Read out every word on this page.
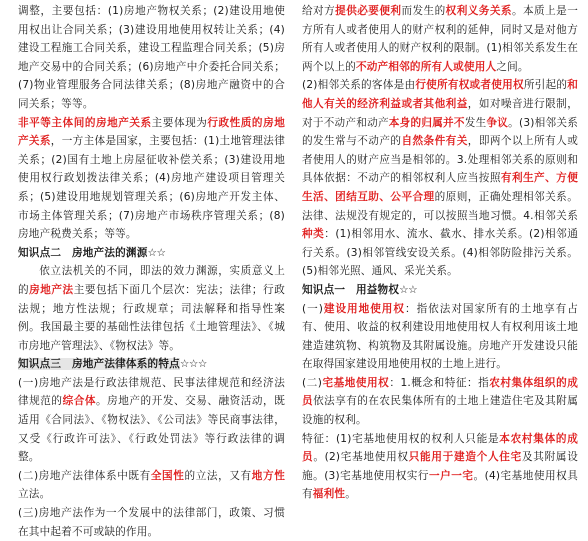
调整，主要包括：(1)房地产物权关系；(2)建设用地使用权出让合同关系；(3)建设用地使用权转让关系；(4)建设工程施工合同关系，建设工程监理合同关系；(5)房地产交易中的合同关系；(6)房地产中介委托合同关系；(7)物业管理服务合同法律关系；(8)房地产融资中的合同关系；等等。

非平等主体间的房地产关系主要体现为行政性质的房地产关系，一方主体是国家，主要包括：(1)土地管理法律关系；(2)国有土地上房屋征收补偿关系；(3)建设用地使用权行政划拨法律关系；(4)房地产建设项目管理关系；(5)建设用地规划管理关系；(6)房地产开发主体、市场主体管理关系；(7)房地产市场秩序管理关系；(8)房地产税费关系；等等。

知识点二　房地产法的渊源☆☆

依立法机关的不同，即法的效力渊源，实质意义上的房地产法主要包括下面几个层次：宪法；法律；行政法规；地方性法规；行政规章；司法解释和指导性案例。我国最主要的基础性法律包括《土地管理法》、《城市房地产管理法》、《物权法》等。

知识点三　房地产法律体系的特点☆☆☆

(一)房地产法是行政法律规范、民事法律规范和经济法律规范的综合体。房地产的开发、交易、融资活动，既适用《合同法》、《物权法》、《公司法》等民商事法律，又受《行政许可法》、《行政处罚法》等行政法律的调整。

(二)房地产法律体系中既有全国性的立法，又有地方性立法。

(三)房地产法作为一个发展中的法律部门，政策、习惯在其中起着不可或缺的作用。

给对方提供必要便利而发生的权利义务关系。本质上是一方所有人或者使用人的财产权利的延伸，同时又是对他方所有人或者使用人的财产权利的限制。(1)相邻关系发生在两个以上的不动产相邻的所有人或使用人之间。

(2)相邻关系的客体是由行使所有权或者使用权所引起的和他人有关的经济利益或者其他利益，如对噪音进行限制，对于不动产和动产本身的归属并不发生争议。(3)相邻关系的发生常与不动产的自然条件有关，即两个以上所有人或者使用人的财产应当是相邻的。3.处理相邻关系的原则和具体依据：不动产的相邻权利人应当按照有利生产、方便生活、团结互助、公平合理的原则，正确处理相邻关系。法律、法规没有规定的，可以按照当地习惯。4.相邻关系种类：(1)相邻用水、流水、截水、排水关系。(2)相邻通行关系。(3)相邻管线安设关系。(4)相邻防险排污关系。(5)相邻光照、通风、采光关系。

知识点一　用益物权☆☆

(一)建设用地使用权：指依法对国家所有的土地享有占有、使用、收益的权利建设用地使用权人有权利用该土地建造建筑物、构筑物及其附属设施。房地产开发建设只能在取得国家建设用地使用权的土地上进行。

(二)宅基地使用权：1.概念和特征：指农村集体组织的成员依法享有的在农民集体所有的土地上建造住宅及其附属设施的权利。

特征：(1)宅基地使用权的权利人只能是本农村集体的成员。(2)宅基地使用权只能用于建造个人住宅及其附属设施。(3)宅基地使用权实行一户一宅。(4)宅基地使用权具有福利性。
